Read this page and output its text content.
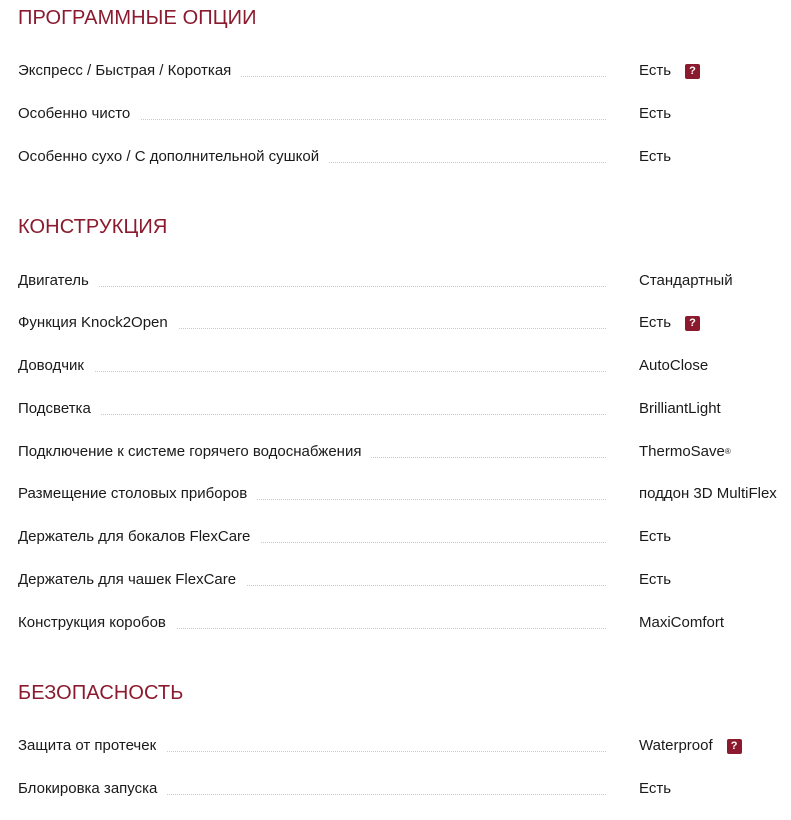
ПРОГРАММНЫЕ ОПЦИИ
Экспресс / Быстрая / Короткая	Есть	?
Особенно чисто	Есть
Особенно сухо / С дополнительной сушкой	Есть
КОНСТРУКЦИЯ
Двигатель	Стандартный
Функция Knock2Open	Есть	?
Доводчик	AutoClose
Подсветка	BrilliantLight
Подключение к системе горячего водоснабжения	ThermoSave ®
Размещение столовых приборов	поддон 3D MultiFlex
Держатель для бокалов FlexCare	Есть
Держатель для чашек FlexCare	Есть
Конструкция коробов	MaxiComfort
БЕЗОПАСНОСТЬ
Защита от протечек	Waterproof	?
Блокировка запуска	Есть
